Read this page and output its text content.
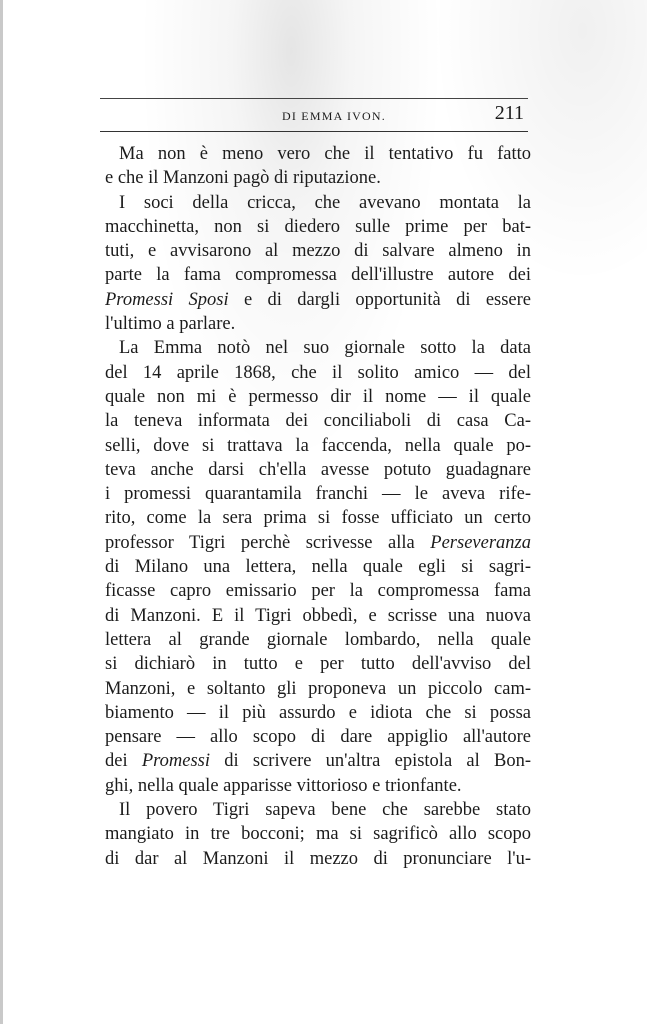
DI EMMA IVON.	211
Ma non è meno vero che il tentativo fu fatto
e che il Manzoni pagò di riputazione.
I soci della cricca, che avevano montata la
macchinetta, non si diedero sulle prime per bat-
tuti, e avvisarono al mezzo di salvare almeno in
parte la fama compromessa dell'illustre autore dei
Promessi Sposi e di dargli opportunità di essere
l'ultimo a parlare.
La Emma notò nel suo giornale sotto la data
del 14 aprile 1868, che il solito amico — del
quale non mi è permesso dir il nome — il quale
la teneva informata dei conciliaboli di casa Ca-
selli, dove si trattava la faccenda, nella quale po-
teva anche darsi ch'ella avesse potuto guadagnare
i promessi quarantamila franchi — le aveva rife-
rito, come la sera prima si fosse ufficiato un certo
professor Tigri perchè scrivesse alla Perseveranza
di Milano una lettera, nella quale egli si sagri-
ficasse capro emissario per la compromessa fama
di Manzoni. E il Tigri obbedì, e scrisse una nuova
lettera al grande giornale lombardo, nella quale
si dichiarò in tutto e per tutto dell'avviso del
Manzoni, e soltanto gli proponeva un piccolo cam-
biamento — il più assurdo e idiota che si possa
pensare — allo scopo di dare appiglio all'autore
dei Promessi di scrivere un'altra epistola al Bon-
ghi, nella quale apparisse vittorioso e trionfante.
Il povero Tigri sapeva bene che sarebbe stato
mangiato in tre bocconi; ma si sagrificò allo scopo
di dar al Manzoni il mezzo di pronunciare l'u-
